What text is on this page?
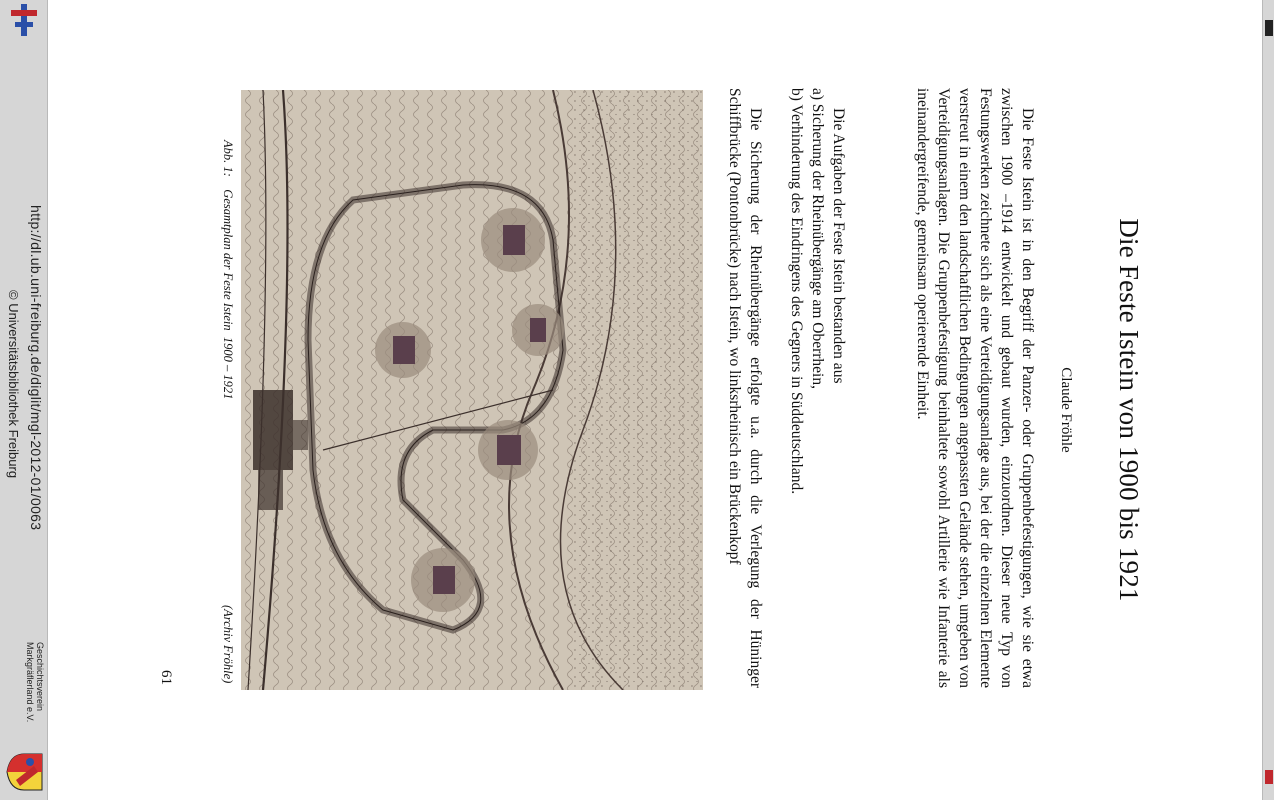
http://dl.ub.uni-freiburg.de/diglit/mgl-2012-01/0063
© Universitätsbibliothek Freiburg
Geschichtsverein
Markgräflerland e.V.
Die Feste Istein von 1900 bis 1921
Claude Fröhle

Die Feste Istein ist in den Begriff der Panzer- oder Gruppenbefestigungen, wie sie etwa zwischen 1900 –1914 entwickelt und gebaut wurden, einzuordnen. Dieser neue Typ von Festungswerken zeichnete sich als eine Verteidigungsanlage aus, bei der die einzelnen Elemente verstreut in einem den landschaftlichen Bedingungen angepassten Gelände stehen, umgeben von Verteidigungsanlagen. Die Gruppenbefestigung beinhaltete sowohl Artillerie wie Infanterie als ineinandergreifende, gemeinsam operierende Einheit.

Die Aufgaben der Feste Istein bestanden aus
a) Sicherung der Rheinübergänge am Oberrhein,
b) Verhinderung des Eindringens des Gegners in Süddeutschland.

Die Sicherung der Rheinübergänge erfolgte u.a. durch die Verlegung der Hüninger Schiffbrücke (Pontonbrücke) nach Istein, wo linksrheinisch ein Brückenkopf

Abb. 1:    Gesamtplan der Feste Istein  1900 – 1921
(Archiv Fröhle)
61
